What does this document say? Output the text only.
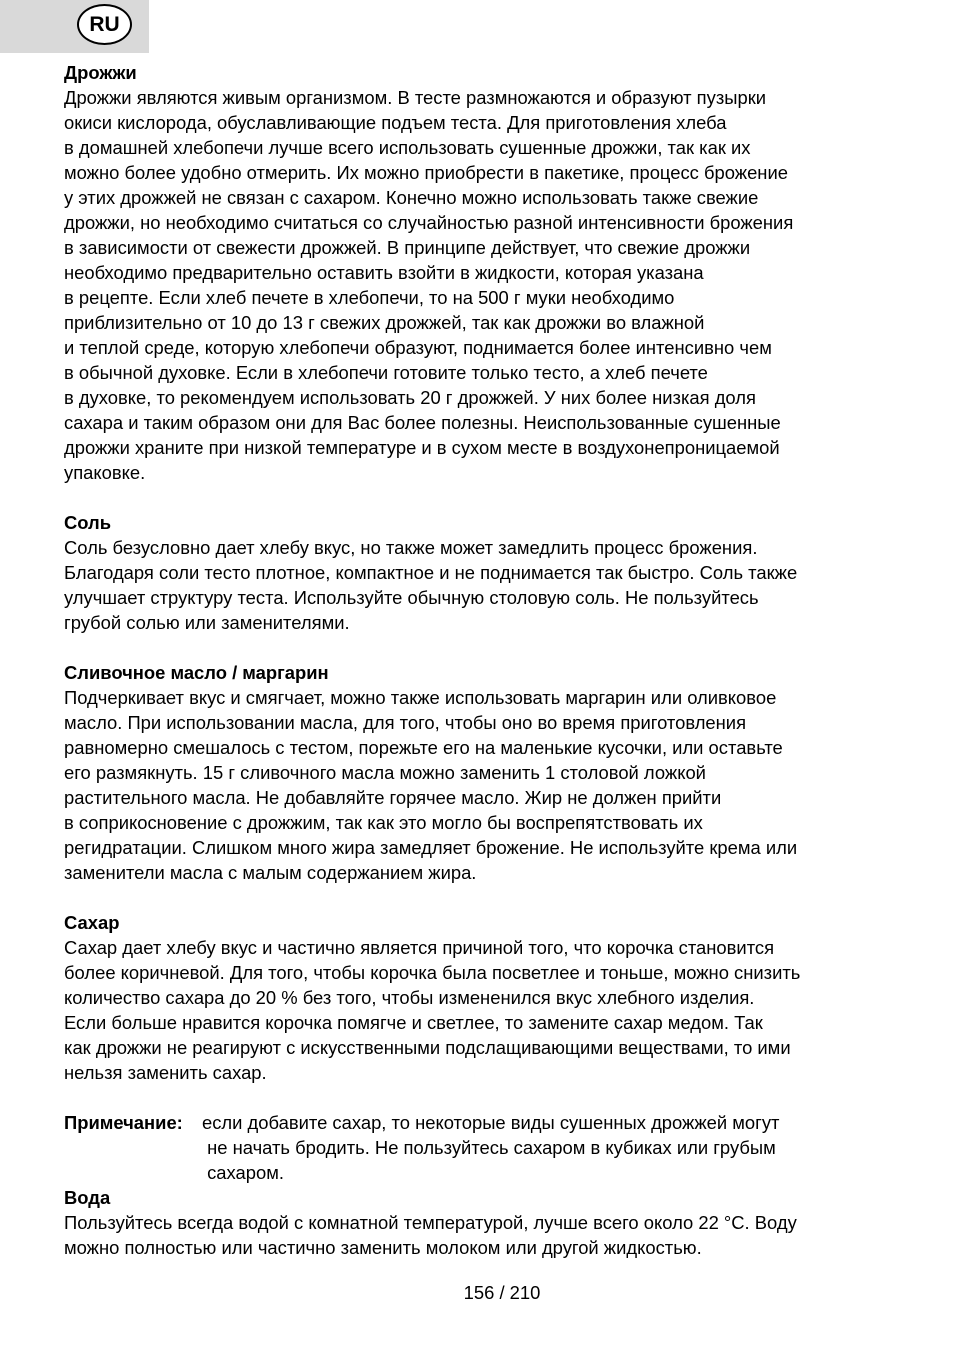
RU
Дрожжи
Дрожжи являются живым организмом. В тесте размножаются и образуют пузырки
окиси кислорода, обуславливающие подъем теста. Для приготовления хлеба
в домашней хлебопечи лучше всего использовать сушенные дрожжи, так как их
можно более удобно отмерить. Их можно приобрести в пакетике, процесс брожение
у этих дрожжей не связан с сахаром. Конечно можно использовать также свежие
дрожжи, но необходимо считаться со случайностью разной интенсивности брожения
в зависимости от свежести дрожжей. В принципе действует, что свежие дрожжи
необходимо предварительно оставить взойти в жидкости, которая указана
в рецепте. Если хлеб печете в хлебопечи, то на 500 г муки необходимо
приблизительно от 10 до 13 г свежих дрожжей, так как дрожжи во влажной
и теплой среде, которую хлебопечи образуют, поднимается более интенсивно чем
в обычной духовке. Если в хлебопечи готовите только тесто, а хлеб печете
в духовке, то рекомендуем использовать 20 г дрожжей. У них более низкая доля
сахара и таким образом они для Вас более полезны. Неиспользованные сушенные
дрожжи храните при низкой температуре и в сухом месте в воздухонепроницаемой
упаковке.
Соль
Соль безусловно дает хлебу вкус, но также может замедлить процесс брожения.
Благодаря соли тесто плотное, компактное и не поднимается так быстро. Соль также
улучшает структуру теста. Используйте обычную столовую соль. Не пользуйтесь
грубой солью или заменителями.
Сливочное масло / маргарин
Подчеркивает вкус и смягчает, можно также использовать маргарин или оливковое
масло. При использовании масла, для того, чтобы оно во время приготовления
равномерно смешалось с тестом, порежьте его на маленькие кусочки, или оставьте
его размякнуть. 15 г сливочного масла можно заменить 1 столовой ложкой
растительного масла. Не добавляйте горячее масло. Жир не должен прийти
в соприкосновение с дрожжим, так как это могло бы воспрепятствовать их
регидратации. Слишком много жира замедляет брожение. Не используйте крема или
заменители масла с малым содержанием жира.
Сахар
Сахар дает хлебу вкус и частично является причиной того, что корочка становится
более коричневой. Для того, чтобы корочка была посветлее и тоньше, можно снизить
количество сахара до 20 % без того, чтобы измененился вкус хлебного изделия.
Если больше нравится корочка помягче и светлее, то замените сахар медом. Так
как дрожжи не реагируют с искусственными подслащивающими веществами, то ими
нельзя заменить сахар.
Примечание:	если добавите сахар, то некоторые виды сушенных дрожжей могут
не начать бродить. Не пользуйтесь сахаром в кубиках или грубым
сахаром.
Вода
Пользуйтесь всегда водой с комнатной температурой, лучше всего около 22 °C. Воду
можно полностью или частично заменить молоком или другой жидкостью.
156 / 210
